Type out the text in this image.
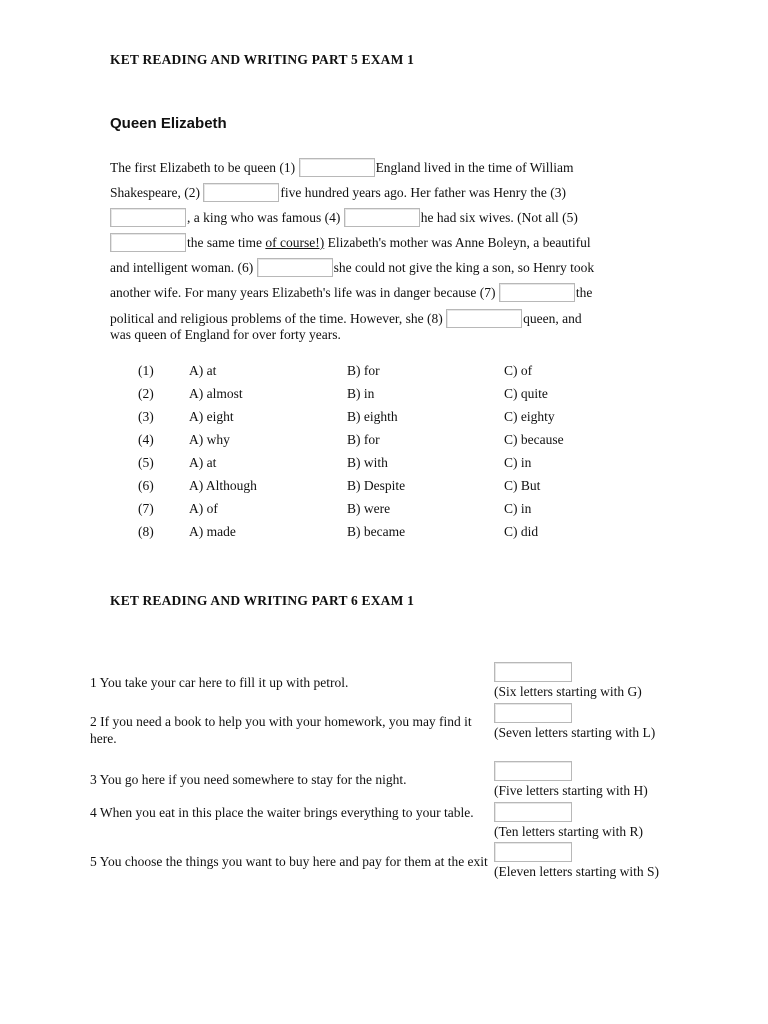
KET READING AND WRITING PART 5 EXAM 1
Queen Elizabeth
The first Elizabeth to be queen (1)	England lived in the time of William
Shakespeare, (2)	five hundred years ago. Her father was Henry the (3)
, a king who was famous (4)	he had six wives. (Not all (5)
the same time of course!) Elizabeth's mother was Anne Boleyn, a beautiful
and intelligent woman. (6)	she could not give the king a son, so Henry took
another wife. For many years Elizabeth's life was in danger because (7)	the
political and religious problems of the time. However, she (8)	queen, and
was queen of England for over forty years.
(1)	A) at	B) for	C) of
(2)	A) almost	B) in	C) quite
(3)	A) eight	B) eighth	C) eighty
(4)	A) why	B) for	C) because
(5)	A) at	B) with	C) in
(6)	A) Although	B) Despite	C) But
(7)	A) of	B) were	C) in
(8)	A) made	B) became	C) did
KET READING AND WRITING PART 6 EXAM 1
1 You take your car here to fill it up with petrol.
(Six letters starting with G)
2 If you need a book to help you with your homework, you may find it here.	(Seven letters starting with L)
3 You go here if you need somewhere to stay for the night.
(Five letters starting with H)
4 When you eat in this place the waiter brings everything to your table.
(Ten letters starting with R)
5 You choose the things you want to buy here and pay for them at the exit
(Eleven letters starting with S)
